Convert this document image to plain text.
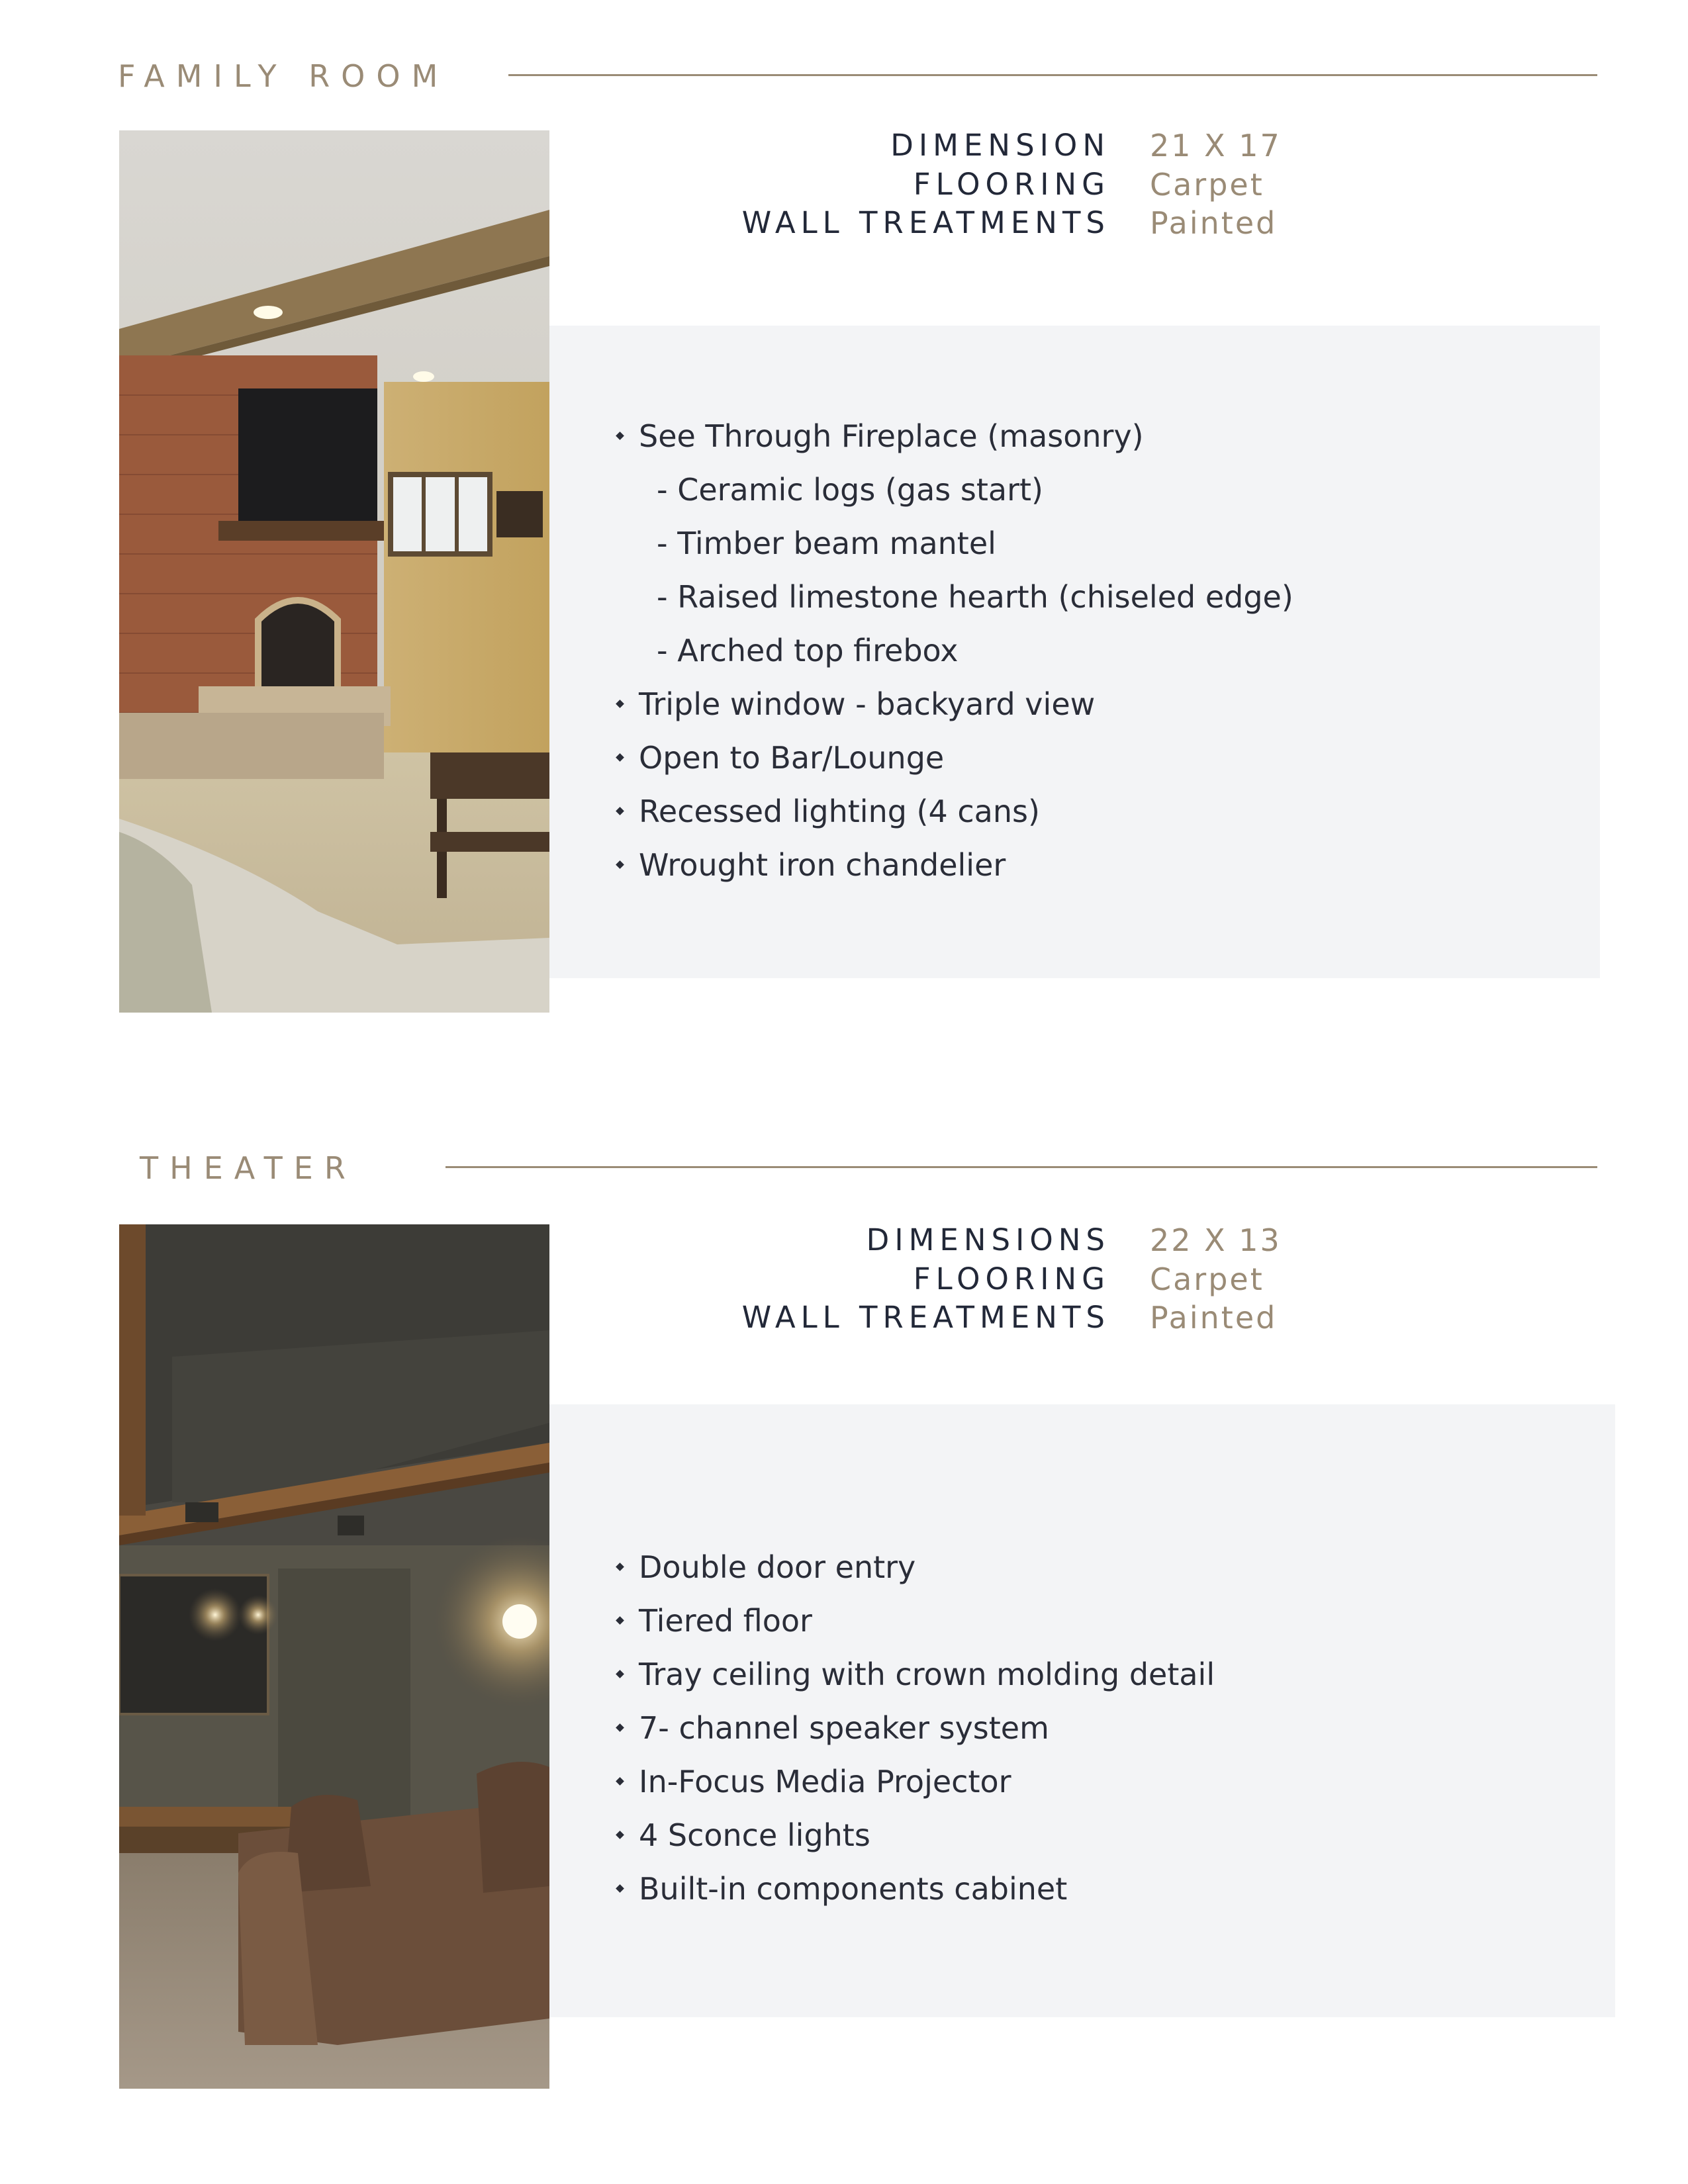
FAMILY ROOM
DIMENSION 21 X 17
FLOORING Carpet
WALL TREATMENTS Painted
See Through Fireplace (masonry)
- Ceramic logs (gas start)
- Timber beam mantel
- Raised limestone hearth (chiseled edge)
- Arched top firebox
Triple window - backyard view
Open to Bar/Lounge
Recessed lighting (4 cans)
Wrought iron chandelier
THEATER
DIMENSIONS 22 X 13
FLOORING Carpet
WALL TREATMENTS Painted
Double door entry
Tiered floor
Tray ceiling with crown molding detail
7- channel speaker system
In-Focus Media Projector
4 Sconce lights
Built-in components cabinet
